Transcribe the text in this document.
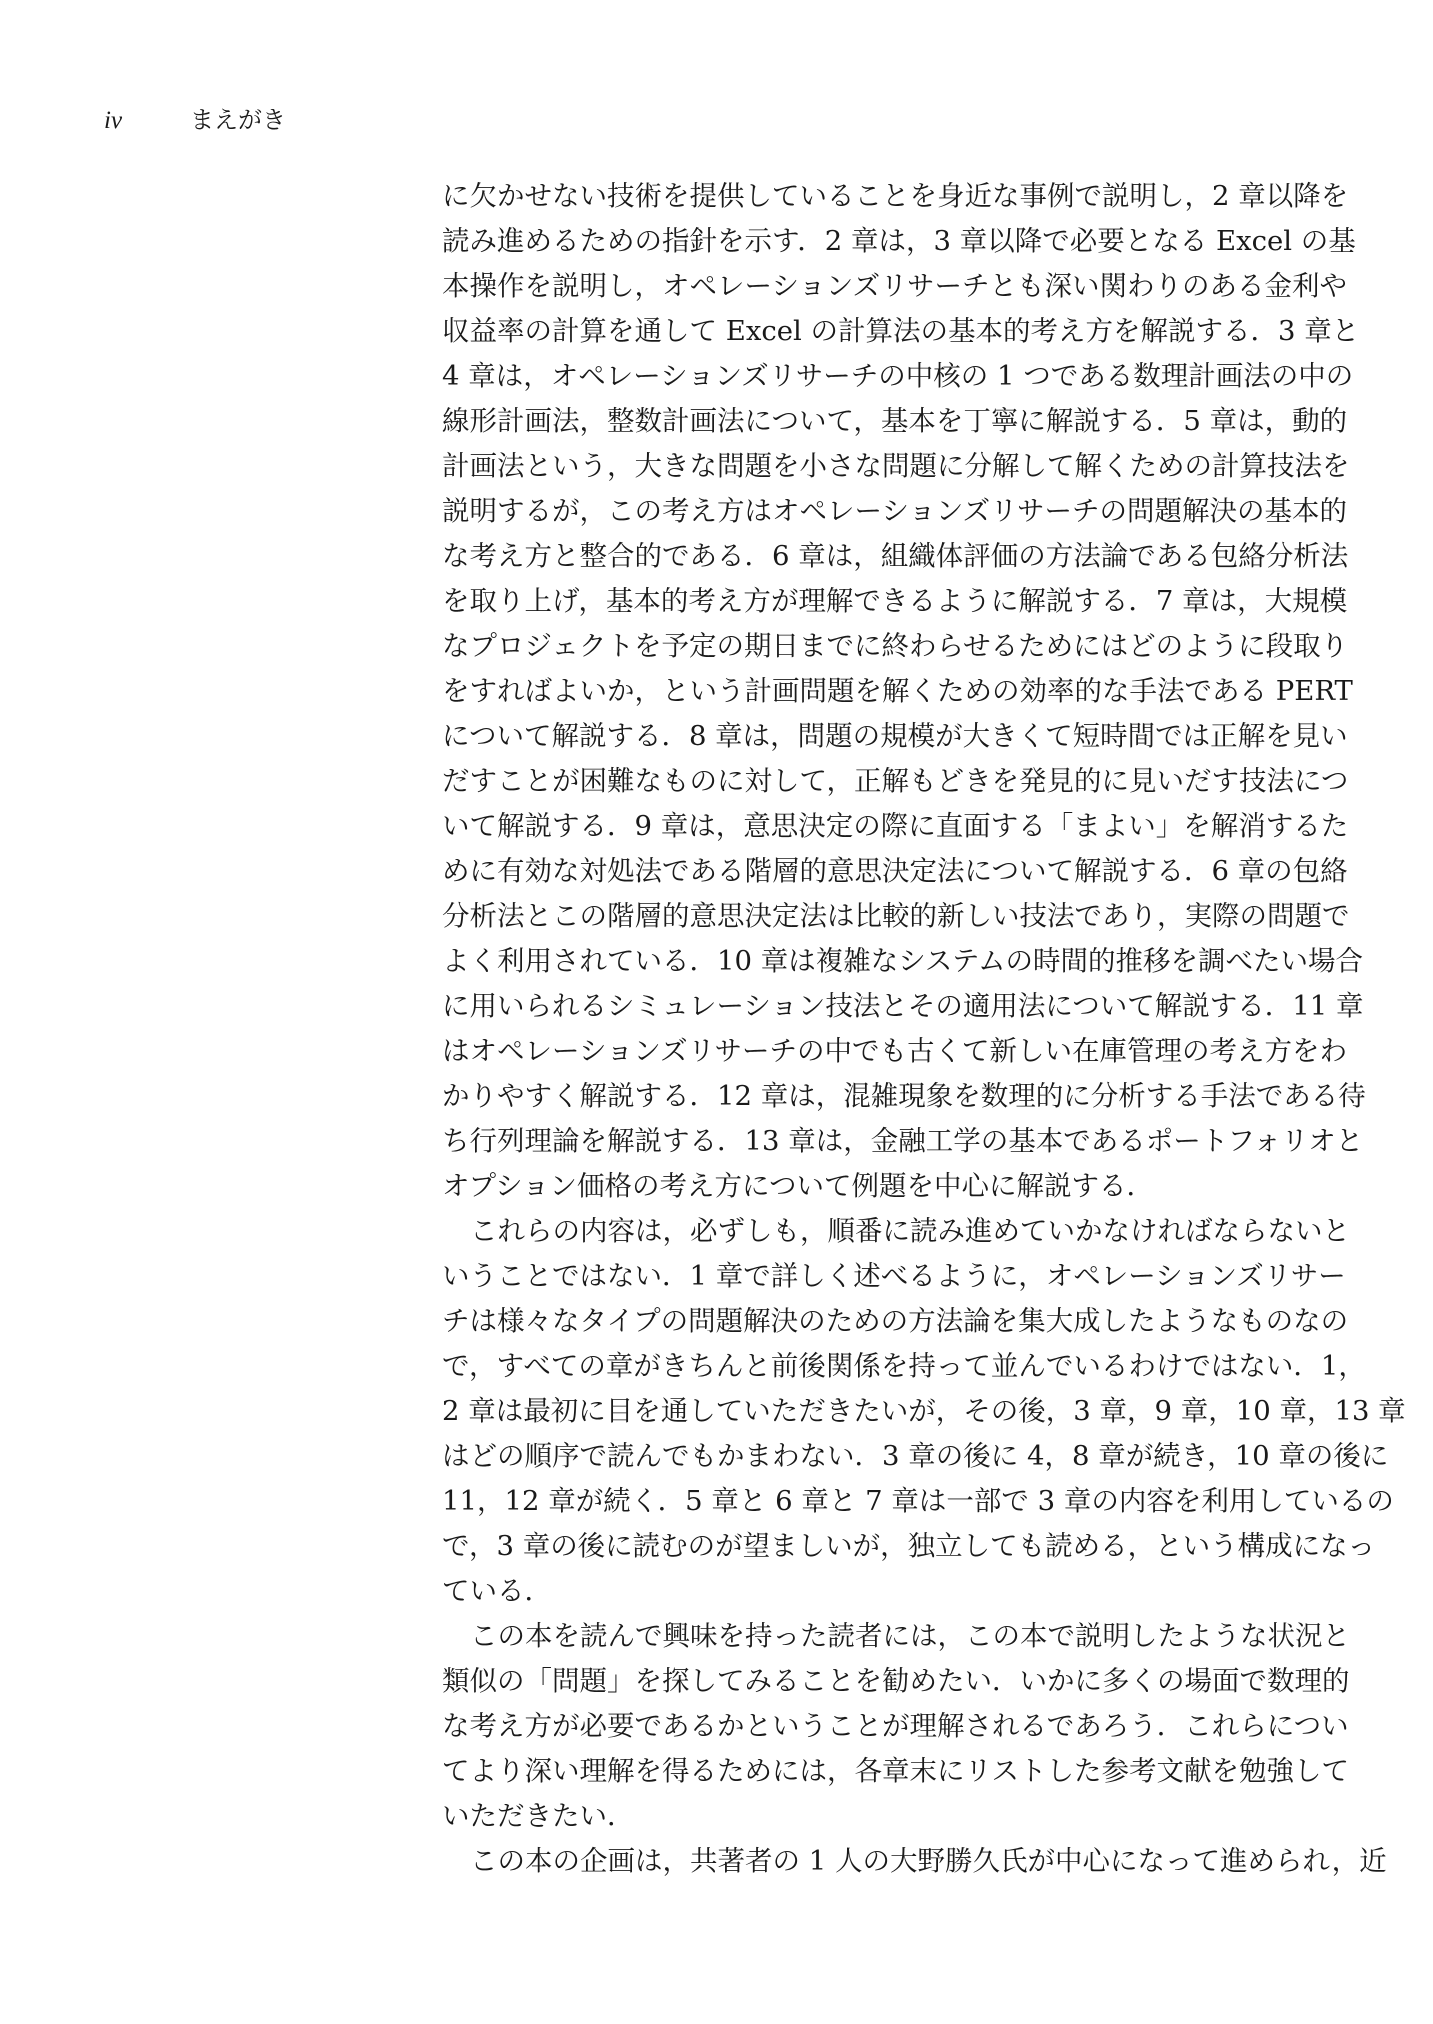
iv	まえがき
に欠かせない技術を提供していることを身近な事例で説明し，2 章以降を
読み進めるための指針を示す．2 章は，3 章以降で必要となる Excel の基
本操作を説明し，オペレーションズリサーチとも深い関わりのある金利や
収益率の計算を通して Excel の計算法の基本的考え方を解説する．3 章と
4 章は，オペレーションズリサーチの中核の 1 つである数理計画法の中の
線形計画法，整数計画法について，基本を丁寧に解説する．5 章は，動的
計画法という，大きな問題を小さな問題に分解して解くための計算技法を
説明するが，この考え方はオペレーションズリサーチの問題解決の基本的
な考え方と整合的である．6 章は，組織体評価の方法論である包絡分析法
を取り上げ，基本的考え方が理解できるように解説する．7 章は，大規模
なプロジェクトを予定の期日までに終わらせるためにはどのように段取り
をすればよいか，という計画問題を解くための効率的な手法である PERT
について解説する．8 章は，問題の規模が大きくて短時間では正解を見い
だすことが困難なものに対して，正解もどきを発見的に見いだす技法につ
いて解説する．9 章は，意思決定の際に直面する「まよい」を解消するた
めに有効な対処法である階層的意思決定法について解説する．6 章の包絡
分析法とこの階層的意思決定法は比較的新しい技法であり，実際の問題で
よく利用されている．10 章は複雑なシステムの時間的推移を調べたい場合
に用いられるシミュレーション技法とその適用法について解説する．11 章
はオペレーションズリサーチの中でも古くて新しい在庫管理の考え方をわ
かりやすく解説する．12 章は，混雑現象を数理的に分析する手法である待
ち行列理論を解説する．13 章は，金融工学の基本であるポートフォリオと
オプション価格の考え方について例題を中心に解説する．
これらの内容は，必ずしも，順番に読み進めていかなければならないと
いうことではない．1 章で詳しく述べるように，オペレーションズリサー
チは様々なタイプの問題解決のための方法論を集大成したようなものなの
で，すべての章がきちんと前後関係を持って並んでいるわけではない．1，
2 章は最初に目を通していただきたいが，その後，3 章，9 章，10 章，13 章
はどの順序で読んでもかまわない．3 章の後に 4，8 章が続き，10 章の後に
11，12 章が続く．5 章と 6 章と 7 章は一部で 3 章の内容を利用しているの
で，3 章の後に読むのが望ましいが，独立しても読める，という構成になっ
ている．
この本を読んで興味を持った読者には，この本で説明したような状況と
類似の「問題」を探してみることを勧めたい．いかに多くの場面で数理的
な考え方が必要であるかということが理解されるであろう．これらについ
てより深い理解を得るためには，各章末にリストした参考文献を勉強して
いただきたい．
この本の企画は，共著者の 1 人の大野勝久氏が中心になって進められ，近
